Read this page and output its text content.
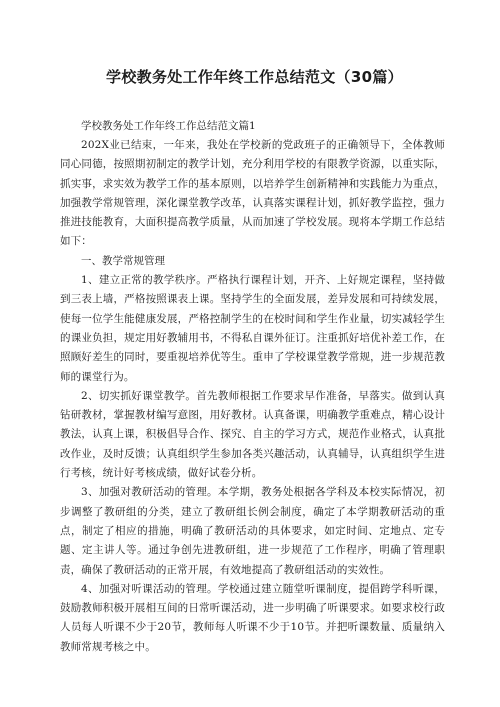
学校教务处工作年终工作总结范文（30篇）
学校教务处工作年终工作总结范文篇1

202X业已结束，一年来，我处在学校新的党政班子的正确领导下，全体教师同心同德，按照期初制定的教学计划，充分利用学校的有限教学资源，以重实际，抓实事，求实效为教学工作的基本原则，以培养学生创新精神和实践能力为重点，加强教学常规管理，深化课堂教学改革，认真落实课程计划，抓好教学监控，强力推进技能教育，大面积提高教学质量，从而加速了学校发展。现将本学期工作总结如下：

一、教学常规管理

1、建立正常的教学秩序。严格执行课程计划，开齐、上好规定课程，坚持做到三表上墙，严格按照课表上课。坚持学生的全面发展，差异发展和可持续发展，使每一位学生能健康发展，严格控制学生的在校时间和学生作业量，切实减轻学生的课业负担，规定用好教辅用书，不得私自课外征订。注重抓好培优补差工作，在照顾好差生的同时，要重视培养优等生。重申了学校课堂教学常规，进一步规范教师的课堂行为。

2、切实抓好课堂教学。首先教师根据工作要求早作准备，早落实。做到认真钻研教材，掌握教材编写意图，用好教材。认真备课，明确教学重难点，精心设计教法，认真上课，积极倡导合作、探究、自主的学习方式，规范作业格式，认真批改作业，及时反馈；认真组织学生参加各类兴趣活动，认真辅导，认真组织学生进行考核，统计好考核成绩，做好试卷分析。

3、加强对教研活动的管理。本学期，教务处根据各学科及本校实际情况，初步调整了教研组的分类，建立了教研组长例会制度，确定了本学期教研活动的重点，制定了相应的措施，明确了教研活动的具体要求，如定时间、定地点、定专题、定主讲人等。通过争创先进教研组，进一步规范了工作程序，明确了管理职责，确保了教研活动的正常开展，有效地提高了教研组活动的实效性。

4、加强对听课活动的管理。学校通过建立随堂听课制度，提倡跨学科听课，鼓励教师积极开展相互间的日常听课活动，进一步明确了听课要求。如要求校行政人员每人听课不少于20节，教师每人听课不少于10节。并把听课数量、质量纳入教师常规考核之中。
